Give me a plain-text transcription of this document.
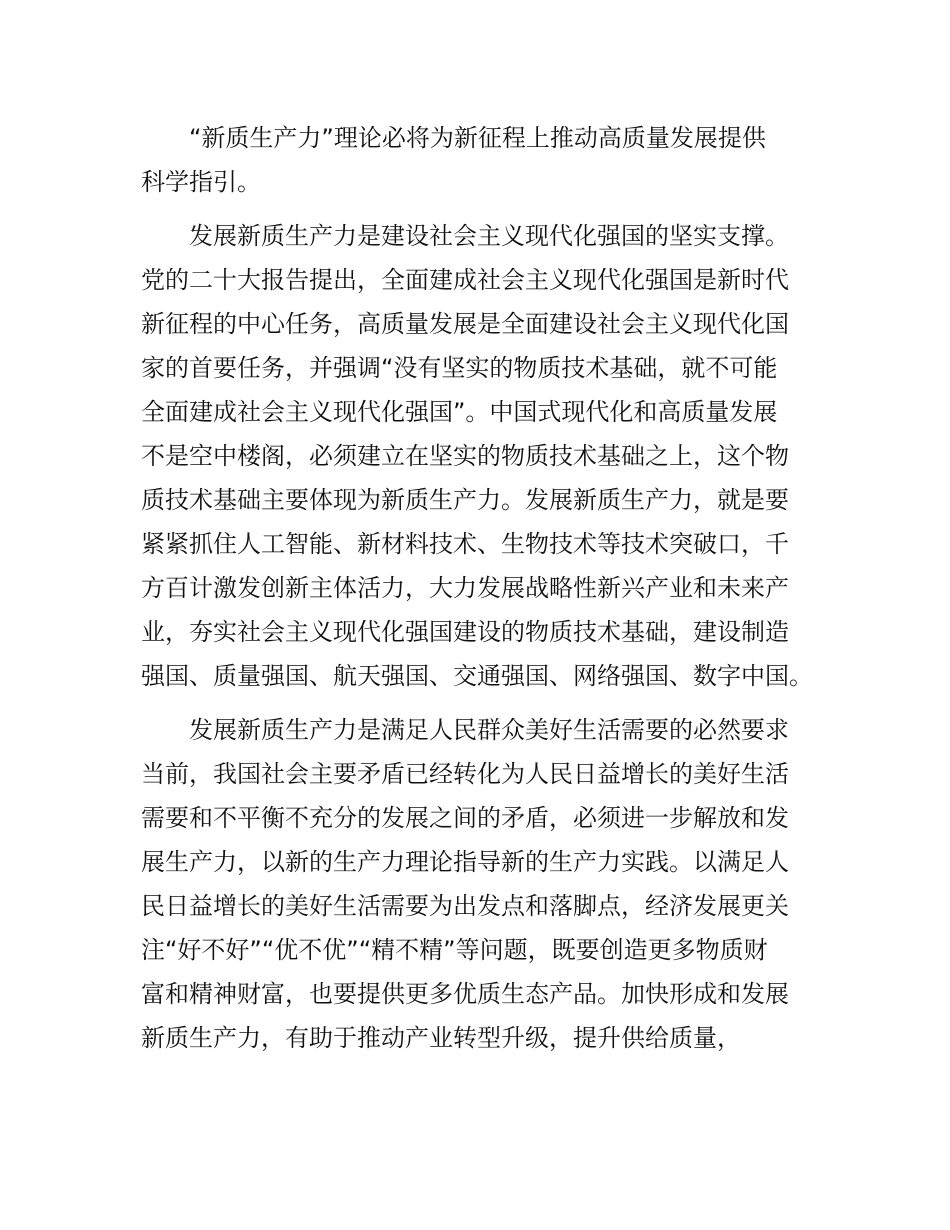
“新质生产力”理论必将为新征程上推动高质量发展提供
科学指引。

发展新质生产力是建设社会主义现代化强国的坚实支撑。
党的二十大报告提出，全面建成社会主义现代化强国是新时代
新征程的中心任务，高质量发展是全面建设社会主义现代化国
家的首要任务，并强调“没有坚实的物质技术基础，就不可能
全面建成社会主义现代化强国”。中国式现代化和高质量发展
不是空中楼阁，必须建立在坚实的物质技术基础之上，这个物
质技术基础主要体现为新质生产力。发展新质生产力，就是要
紧紧抓住人工智能、新材料技术、生物技术等技术突破口，千
方百计激发创新主体活力，大力发展战略性新兴产业和未来产
业，夯实社会主义现代化强国建设的物质技术基础，建设制造
强国、质量强国、航天强国、交通强国、网络强国、数字中国。

发展新质生产力是满足人民群众美好生活需要的必然要求
当前，我国社会主要矛盾已经转化为人民日益增长的美好生活
需要和不平衡不充分的发展之间的矛盾，必须进一步解放和发
展生产力，以新的生产力理论指导新的生产力实践。以满足人
民日益增长的美好生活需要为出发点和落脚点，经济发展更关
注“好不好”“优不优”“精不精”等问题，既要创造更多物质财
富和精神财富，也要提供更多优质生态产品。加快形成和发展
新质生产力，有助于推动产业转型升级，提升供给质量，
